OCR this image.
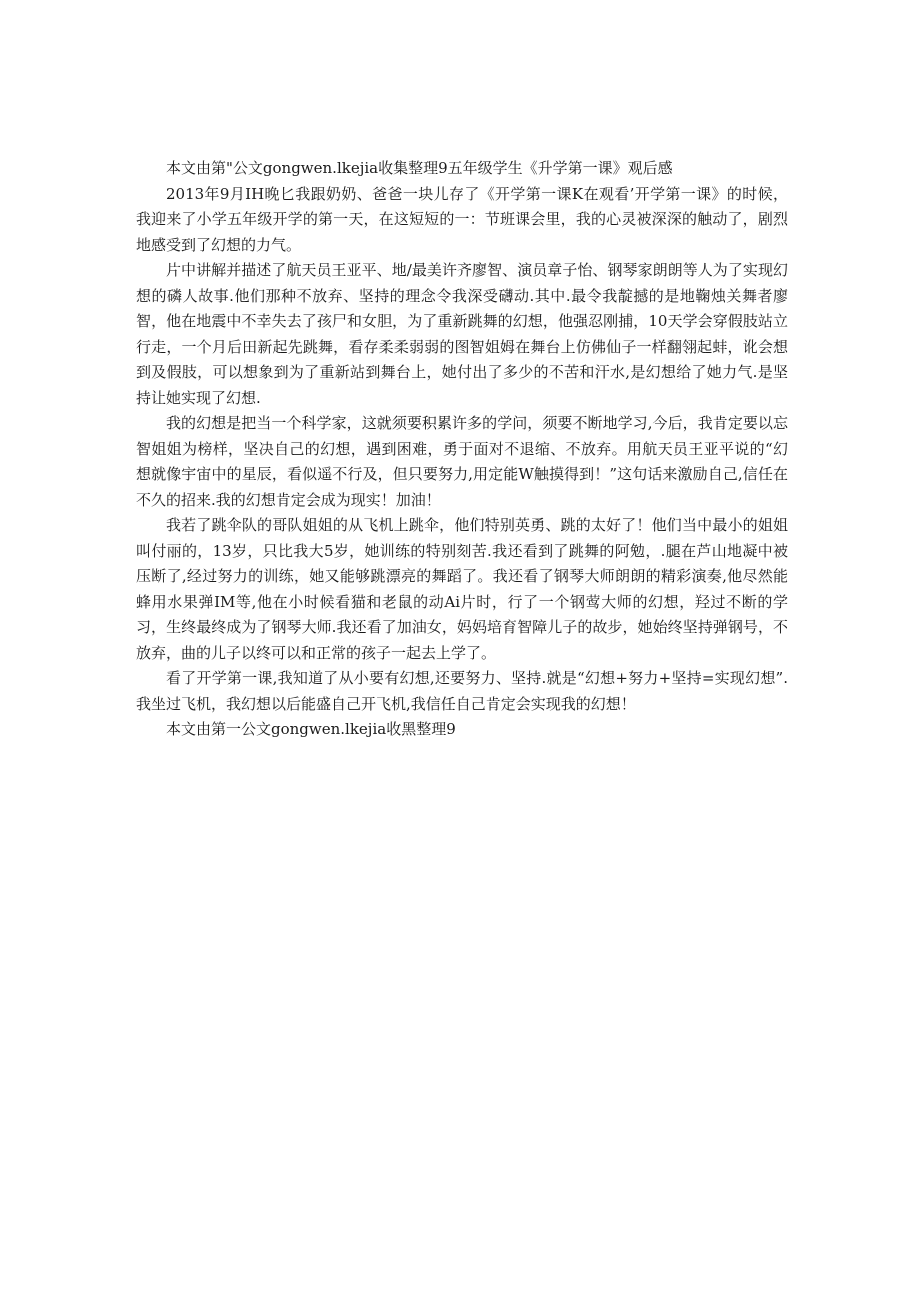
本文由第"公文gongwen.lkejia收集整理9五年级学生《升学第一课》观后感

2013年9月IH晚匕我跟奶奶、爸爸一块儿存了《开学第一课K在观看’开学第一课》的时候，我迎来了小学五年级开学的第一天，在这短短的一：节班课会里，我的心灵被深深的触动了，剧烈地感受到了幻想的力气。

片中讲解并描述了航天员王亚平、地/最美许齐廖智、演员章子怡、钢琴家朗朗等人为了实现幻想的磷人故事.他们那种不放弃、坚持的理念令我深受礴动.其中.最令我靛撼的是地鞠烛关舞者廖智，他在地震中不幸失去了孩尸和女胆，为了重新跳舞的幻想，他强忍刚捕，10天学会穿假肢站立行走，一个月后田新起先跳舞，看存柔柔弱弱的图智姐姆在舞台上仿佛仙子一样翻翎起蚌，讹会想到及假肢，可以想象到为了重新站到舞台上，她付出了多少的不苦和汗水,是幻想给了她力气.是坚持让她实现了幻想.

我的幻想是把当一个科学家，这就须要积累许多的学问，须要不断地学习,今后，我肯定要以忘智姐姐为榜样，坚决自己的幻想，遇到困难，勇于面对不退缩、不放弃。用航天员王亚平说的“幻想就像宇宙中的星辰，看似遥不行及，但只要努力,用定能W触摸得到！”这句话来激励自己,信任在不久的招来.我的幻想肯定会成为现实！加油！

我若了跳伞队的哥队姐姐的从飞机上跳伞，他们特别英勇、跳的太好了！他们当中最小的姐姐叫付丽的，13岁，只比我大5岁，她训练的特别刻苦.我还看到了跳舞的阿勉，.腿在芦山地凝中被压断了,经过努力的训练，她又能够跳漂亮的舞蹈了。我还看了钢琴大师朗朗的精彩演奏,他尽然能蜂用水果弹IM等,他在小时候看猫和老鼠的动Ai片时，行了一个钢莺大师的幻想，羟过不断的学习，生终最终成为了钢琴大师.我还看了加油女，妈妈培育智障儿子的故步，她始终坚持弹钢号，不放弃，曲的儿子以终可以和正常的孩子一起去上学了。

看了开学第一课,我知道了从小要有幻想,还要努力、坚持.就是“幻想+努力+坚持=实现幻想”.我坐过飞机，我幻想以后能盛自己开飞机,我信任自己肯定会实现我的幻想！

本文由第一公文gongwen.lkejia收黑整理9
